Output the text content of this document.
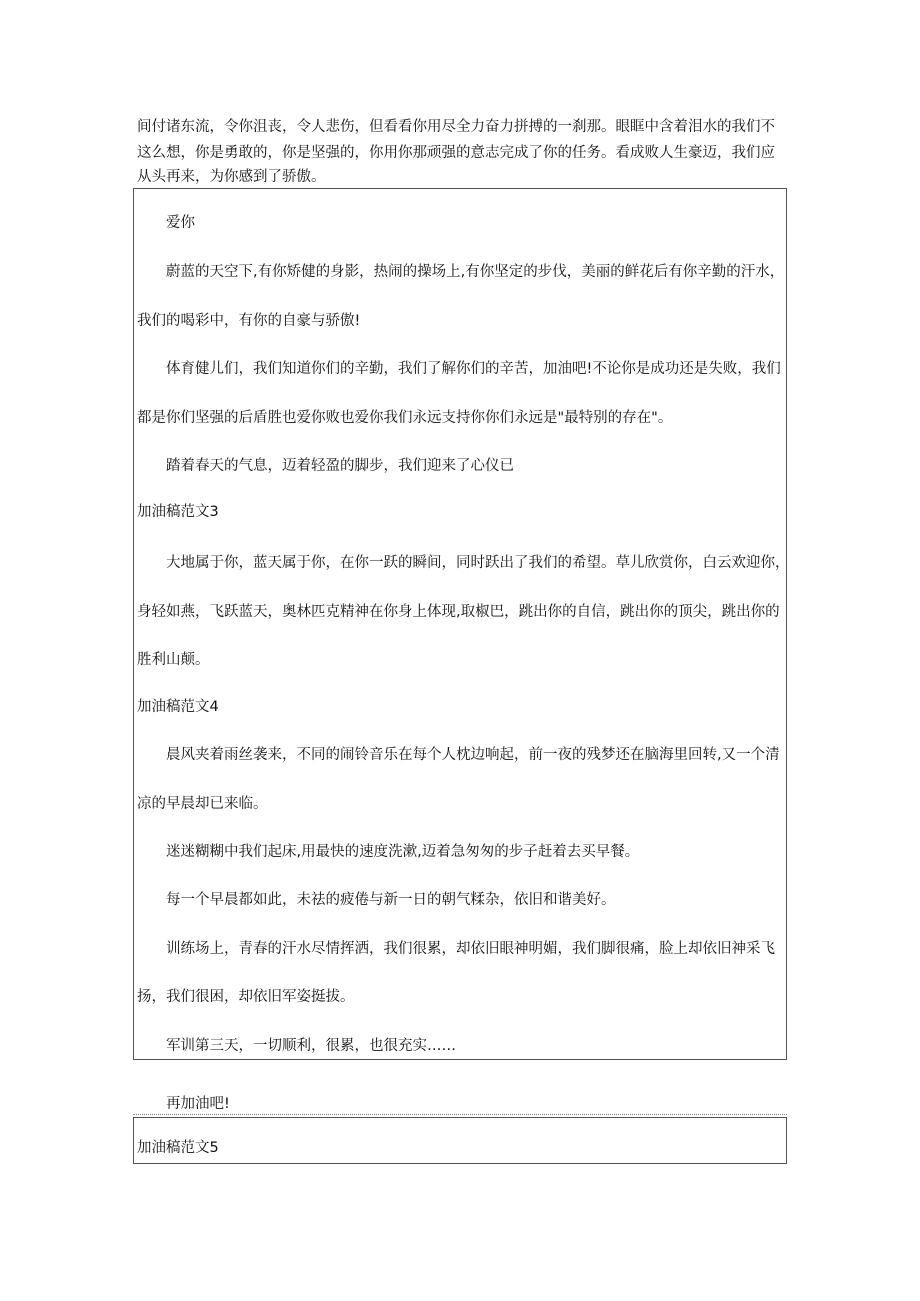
间付诸东流，令你沮丧，令人悲伤，但看看你用尽全力奋力拼搏的一刹那。眼眶中含着泪水的我们不

这么想，你是勇敢的，你是坚强的，你用你那顽强的意志完成了你的任务。看成败人生豪迈，我们应

从头再来，为你感到了骄傲。

爱你

蔚蓝的天空下,有你矫健的身影，热闹的操场上,有你坚定的步伐，美丽的鲜花后有你辛勤的汗水，

我们的喝彩中，有你的自豪与骄傲!

体育健儿们，我们知道你们的辛勤，我们了解你们的辛苦，加油吧!不论你是成功还是失败，我们

都是你们坚强的后盾胜也爱你败也爱你我们永远支持你你们永远是"最特别的存在"。

踏着春天的气息，迈着轻盈的脚步，我们迎来了心仪已

加油稿范文3

大地属于你，蓝天属于你，在你一跃的瞬间，同时跃出了我们的希望。草儿欣赏你，白云欢迎你，

身轻如燕，飞跃蓝天，奥林匹克精神在你身上体现,取椒巴，跳出你的自信，跳出你的顶尖，跳出你的

胜利山颠。

加油稿范文4

晨风夹着雨丝袭来，不同的闹铃音乐在每个人枕边响起，前一夜的残梦还在脑海里回转,又一个清

凉的早晨却已来临。

迷迷糊糊中我们起床,用最快的速度洗漱,迈着急匆匆的步子赶着去买早餐。

每一个早晨都如此，未祛的疲倦与新一日的朝气糅杂，依旧和谐美好。

训练场上，青春的汗水尽情挥洒，我们很累，却依旧眼神明媚，我们脚很痛，脸上却依旧神采飞

扬，我们很困，却依旧军姿挺拔。

军训第三天，一切顺利，很累，也很充实……

再加油吧!

加油稿范文5
